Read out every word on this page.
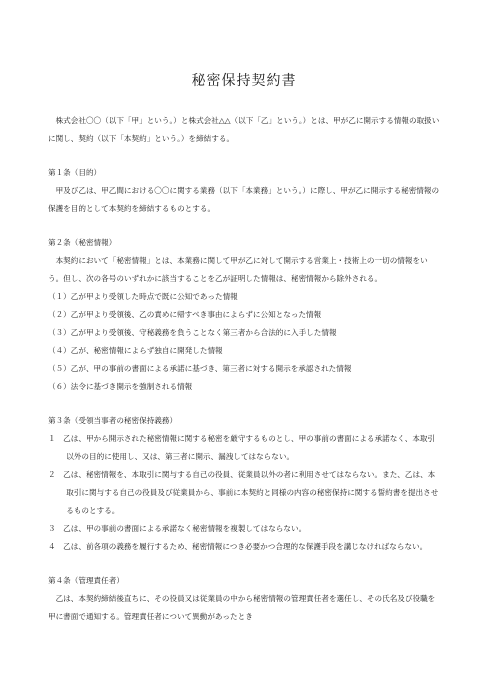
秘密保持契約書

株式会社〇〇（以下「甲」という。）と株式会社△△（以下「乙」という。）とは、甲が乙に開示する情報の取扱いに関し、契約（以下「本契約」という。）を締結する。

第１条（目的）

甲及び乙は、甲乙間における〇〇に関する業務（以下「本業務」という。）に際し、甲が乙に開示する秘密情報の保護を目的として本契約を締結するものとする。

第２条（秘密情報）

本契約において「秘密情報」とは、本業務に関して甲が乙に対して開示する営業上・技術上の一切の情報をいう。但し、次の各号のいずれかに該当することを乙が証明した情報は、秘密情報から除外される。

（１）乙が甲より受領した時点で既に公知であった情報

（２）乙が甲より受領後、乙の責めに帰すべき事由によらずに公知となった情報

（３）乙が甲より受領後、守秘義務を負うことなく第三者から合法的に入手した情報

（４）乙が、秘密情報によらず独自に開発した情報

（５）乙が、甲の事前の書面による承諾に基づき、第三者に対する開示を承認された情報

（６）法令に基づき開示を強制される情報

第３条（受領当事者の秘密保持義務）

１　乙は、甲から開示された秘密情報に関する秘密を厳守するものとし、甲の事前の書面による承諾なく、本取引以外の目的に使用し、又は、第三者に開示、漏洩してはならない。

２　乙は、秘密情報を、本取引に関与する自己の役員、従業員以外の者に利用させてはならない。また、乙は、本取引に関与する自己の役員及び従業員から、事前に本契約と同様の内容の秘密保持に関する誓約書を提出させるものとする。

３　乙は、甲の事前の書面による承諾なく秘密情報を複製してはならない。

４　乙は、前各項の義務を履行するため、秘密情報につき必要かつ合理的な保護手段を講じなければならない。

第４条（管理責任者）

乙は、本契約締結後直ちに、その役員又は従業員の中から秘密情報の管理責任者を選任し、その氏名及び役職を甲に書面で通知する。管理責任者について異動があったとき
